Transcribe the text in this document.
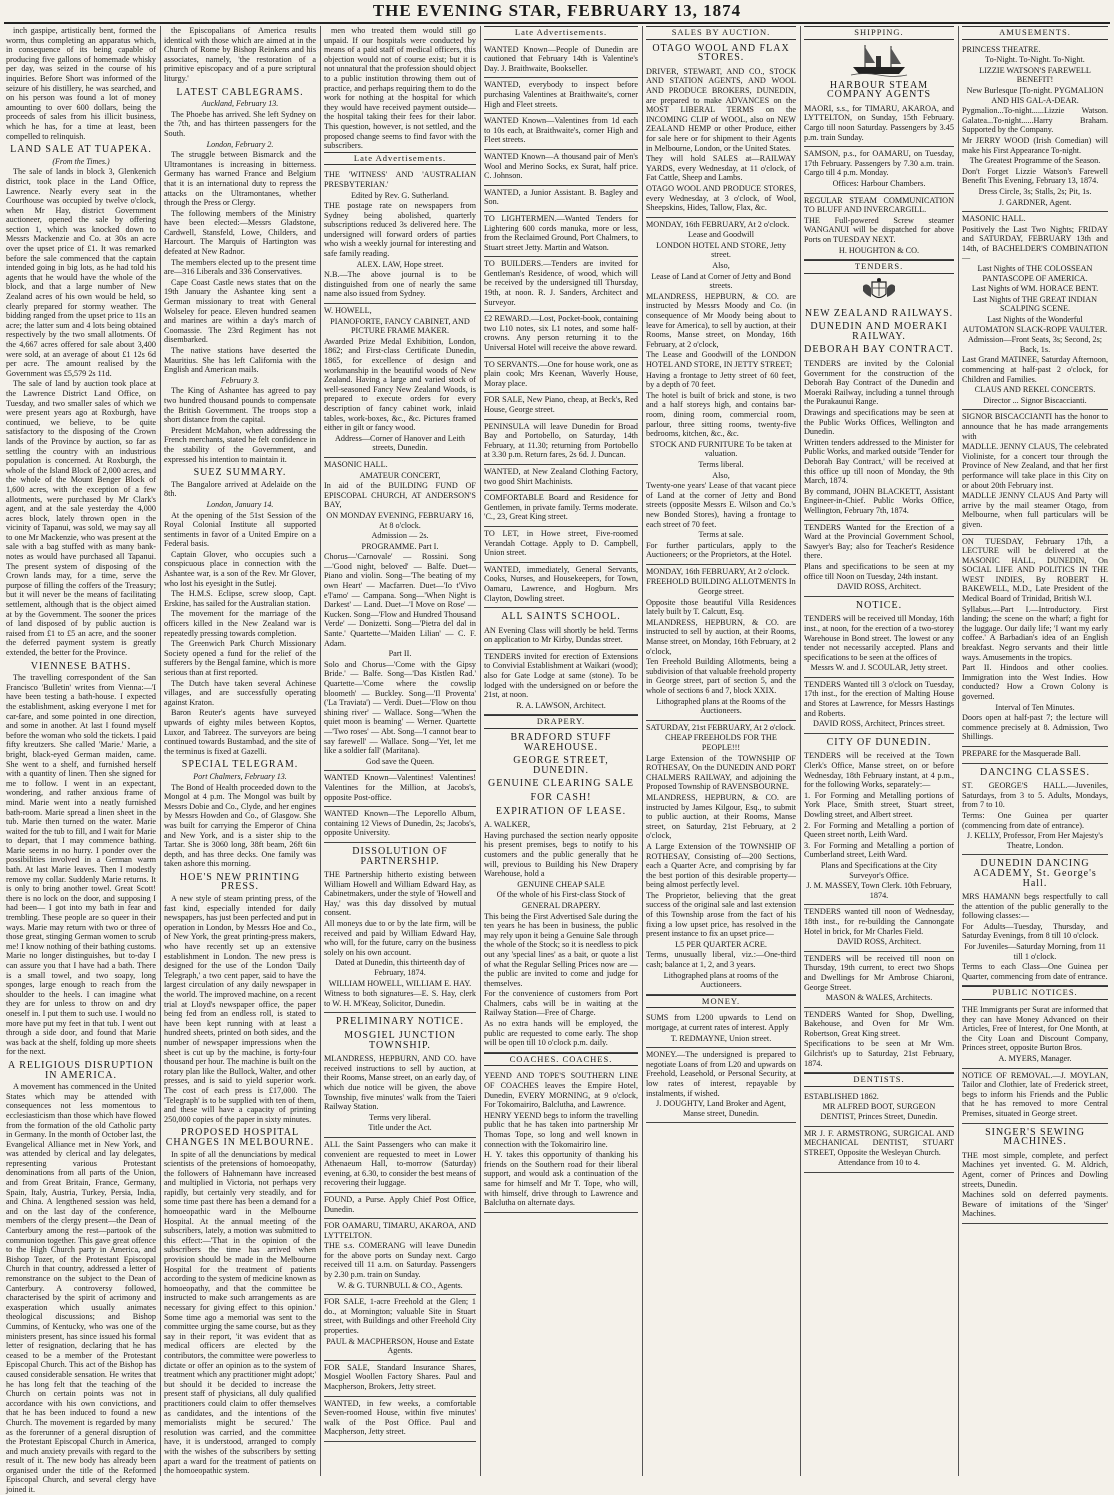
THE EVENING STAR, FEBRUARY 13, 1874

inch gaspipe, artistically bent, formed the worm, thus completing an apparatus which, in consequence of its being capable of producing five gallons of homemade whisky per day, was seized in the course of his inquiries. Before Short was informed of the seizure of his distillery, he was searched, and on his person was found a lot of money amounting to over 600 dollars, being the proceeds of sales from his illicit business, which he has, for a time at least, been compelled to relinquish.

LAND SALE AT TUAPEKA.
(From the Times.)

The sale of lands in block 3, Glenkenich district, took place in the Land Office, Lawrence. Nearly every seat in the Courthouse was occupied by twelve o'clock, when Mr Hay, district Government auctioneer, opened the sale by offering section 1, which was knocked down to Messrs Mackenzie and Co. at 30s an acre over the upset price of £1. It was remarked before the sale commenced that the captain intended going in big lots, as he had told his agents that he would have the whole of the block, and that a large number of New Zealand acres of his own would be held, so clearly prepared for stormy weather. The bidding ranged from the upset price to 11s an acre; the latter sum and 4 lots being obtained respectively by the two small allotments. Of the 4,667 acres offered for sale about 3,400 were sold, at an average of about £1 12s 6d per acre. The amount realised by the Government was £5,579 2s 11d.

The sale of land by auction took place at the Lawrence District Land Office, on Tuesday, and two smaller sales of which we were present years ago at Roxburgh, have continued, we believe, to be quite satisfactory to the disposing of the Crown lands of the Province by auction, so far as settling the country with an industrious population is concerned. At Roxburgh, the whole of the Island Block of 2,000 acres, and the whole of the Mount Benger Block of 1,600 acres, with the exception of a few allotments, were purchased by Mr Clark's agent, and at the sale yesterday the 4,000 acres block, lately thrown open in the vicinity of Tapanui, was sold, we may say all to one Mr Mackenzie, who was present at the sale with a bag stuffed with as many bank-notes as would have purchased all Tapanui. The present system of disposing of the Crown lands may, for a time, serve the purpose of filling the coffers of the Treasury; but it will never be the means of facilitating settlement, although that is the object aimed at by the Government. The sooner the prices of land disposed of by public auction is raised from £1 to £5 an acre, and the sooner the deferred payment system is greatly extended, the better for the Province.

VIENNESE BATHS.

The travelling correspondent of the San Francisco 'Bulletin' writes from Vienna:—'I have been testing a bath-house. I expected the establishment, asking everyone I met for car-fare, and some pointed in one direction, and some in another. At last I found myself before the woman who sold the tickets. I paid fifty kreutzers. She called 'Marie.' Marie, a bright, black-eyed German maiden, came. She went to a shelf, and furnished herself with a quantity of linen. Then she signed for me to follow. I went in an expectant, wondering, and rather anxious frame of mind. Marie went into a neatly furnished bath-room. Marie spread a linen sheet in the tub. Marie then turned on the water. Marie waited for the tub to fill, and I wait for Marie to depart, that I may commence bathing. Marie seems in no hurry. I ponder over the possibilities involved in a German warm bath. At last Marie leaves. Then I modestly remove my collar. Suddenly Marie returns. It is only to bring another towel. Great Scott! there is no lock on the door, and supposing I had been— I got into my bath in fear and trembling. These people are so queer in their ways. Marie may return with two or three of those great, stinging German women to scrub me! I know nothing of their bathing customs. Marie no longer distinguishes, but to-day I can assure you that I have had a bath. There is a small towel, and two soapy, long sponges, large enough to reach from the shoulder to the heels. I can imagine what they are for unless to throw on and dry oneself in. I put them to such use. I would no more have put my feet in that tub. I went out through a side door, and found that Marie was back at the shelf, folding up more sheets for the next.

A RELIGIOUS DISRUPTION IN AMERICA.

A movement has commenced in the United States which may be attended with consequences not less momentous to ecclesiasticism than those which have flowed from the formation of the old Catholic party in Germany. In the month of October last, the Evangelical Alliance met in New York, and was attended by clerical and lay delegates, representing various Protestant denominations from all parts of the Union, and from Great Britain, France, Germany, Spain, Italy, Austria, Turkey, Persia, India, and China. A lengthened session was held, and on the last day of the conference, members of the clergy present—the Dean of Canterbury among the rest—partook of the communion together. This gave great offence to the High Church party in America, and Bishop Tozer, of the Protestant Episcopal Church in that country, addressed a letter of remonstrance on the subject to the Dean of Canterbury. A controversy followed, characterised by the spirit of acrimony and exasperation which usually animates theological discussions; and Bishop Cummins, of Kentucky, who was one of the ministers present, has since issued his formal letter of resignation, declaring that he has ceased to be a member of the Protestant Episcopal Church. This act of the Bishop has caused considerable sensation. He writes that he has long felt that the teaching of the Church on certain points was not in accordance with his own convictions, and that he has been induced to found a new Church. The movement is regarded by many as the forerunner of a general disruption of the Protestant Episcopal Church in America, and much anxiety prevails with regard to the result of it. The new body has already been organised under the title of the Reformed Episcopal Church, and several clergy have joined it.

the Episcopalians of America results identical with those which are aimed at in the Church of Rome by Bishop Reinkens and his associates, namely, 'the restoration of a primitive episcopacy and of a pure scriptural liturgy.'

LATEST CABLEGRAMS.
Auckland, February 13.

The Phoebe has arrived. She left Sydney on the 7th, and has thirteen passengers for the South.

London, February 2.

The struggle between Bismarck and the Ultramontanes is increasing in bitterness. Germany has warned France and Belgium that it is an international duty to repress the attacks on the Ultramontanes, whether through the Press or Clergy.

The following members of the Ministry have been elected:—Messrs Gladstone, Cardwell, Stansfeld, Lowe, Childers, and Harcourt. The Marquis of Hartington was defeated at New Radnor.

The members elected up to the present time are—316 Liberals and 336 Conservatives.

Cape Coast Castle news states that on the 19th January the Ashantee king sent a German missionary to treat with General Wolseley for peace. Eleven hundred seamen and marines are within a day's march of Coomassie. The 23rd Regiment has not disembarked.

The native stations have deserted the Mauritius. She has left California with the English and American mails.

February 3.

The King of Ashantee has agreed to pay two hundred thousand pounds to compensate the British Government. The troops stop a short distance from the capital.

President McMahon, when addressing the French merchants, stated he felt confidence in the stability of the Government, and expressed his intention to maintain it.

SUEZ SUMMARY.

The Bangalore arrived at Adelaide on the 8th.

London, January 14.

At the opening of the 51st Session of the Royal Colonial Institute all supported sentiments in favor of a United Empire on a Federal basis.

Captain Glover, who occupies such a conspicuous place in connection with the Ashantee war, is a son of the Rev. Mr Glover, who lost his eyesight in the Sutlej.

The H.M.S. Eclipse, screw sloop, Capt. Erskine, has sailed for the Australian station.

The movement for the marriage of the officers killed in the New Zealand war is repeatedly pressing towards completion.

The Greenwich Park Church Missionary Society opened a fund for the relief of the sufferers by the Bengal famine, which is more serious than at first reported.

The Dutch have taken several Achinese villages, and are successfully operating against Kraton.

Baron Reuter's agents have surveyed upwards of eighty miles between Koptos, Luxor, and Tabreez. The surveyors are being continued towards Bustambad, and the site of the terminus is fixed at Gazelli.

SPECIAL TELEGRAM.
Port Chalmers, February 13.

The Bond of Health proceeded down to the Mongol at 4 p.m. The Mongol was built by Messrs Dobie and Co., Clyde, and her engines by Messrs Howden and Co., of Glasgow. She was built for carrying the Emperor of China and New York, and is a sister ship to the Tartar. She is 3060 long, 38ft beam, 26ft 6in depth, and has three decks. One family was taken ashore this morning.

HOE'S NEW PRINTING PRESS.

A new style of steam printing press, of the fast kind, especially intended for daily newspapers, has just been perfected and put in operation in London, by Messrs Hoe and Co., of New York, the great printing-press makers, who have recently set up an extensive establishment in London. The new press is designed for the use of the London 'Daily Telegraph,' a two cent paper, said to have the largest circulation of any daily newspaper in the world. The improved machine, on a recent trial at Lloyd's newspaper office, the paper being fed from an endless roll, is stated to have been kept running with at least a hundred sheets, printed on both sides, and the number of newspaper impressions when the sheet is cut up by the machine, is forty-four thousand per hour. The machine is built on the rotary plan like the Bullock, Walter, and other presses, and is said to yield superior work. The cost of each press is £17,000. The 'Telegraph' is to be supplied with ten of them, and these will have a capacity of printing 250,000 copies of the paper in sixty minutes.

PROPOSED HOSPITAL CHANGES IN MELBOURNE.

In spite of all the denunciations by medical scientists of the pretensions of homoeopathy, the followers of Hahnemann have increased and multiplied in Victoria, not perhaps very rapidly, but certainly very steadily, and for some time past there has been a demand for a homoeopathic ward in the Melbourne Hospital. At the annual meeting of the subscribers, lately, a motion was submitted to this effect:—'That in the opinion of the subscribers the time has arrived when provision should be made in the Melbourne Hospital for the treatment of patients according to the system of medicine known as homoeopathy, and that the committee be instructed to make such arrangements as are necessary for giving effect to this opinion.' Some time ago a memorial was sent to the committee urging the same course, but as they say in their report, 'it was evident that as medical officers are elected by the contributors, the committee were powerless to dictate or offer an opinion as to the system of treatment which any practitioner might adopt;' but should it be decided to increase the present staff of physicians, all duly qualified practitioners could claim to offer themselves as candidates, and the intentions of the memorialists might be secured.' The resolution was carried, and the committee have, it is understood, arranged to comply with the wishes of the subscribers by setting apart a ward for the treatment of patients on the homoeopathic system.

men who treated them would still go unpaid. If our hospitals were conducted by means of a paid staff of medical officers, this objection would not of course exist; but it is not unnatural that the profession should object to a public institution throwing them out of practice, and perhaps requiring them to do the work for nothing at the hospital for which they would have received payment outside—the hospital taking their fees for their labor. This question, however, is not settled, and the proposed change seems to find favor with the subscribers.

Late Advertisements.

THE 'WITNESS' AND 'AUSTRALIAN PRESBYTERIAN.'

Edited by Rev. G. Sutherland.

THE postage rate on newspapers from Sydney being abolished, quarterly subscriptions reduced 3s delivered here. The undersigned will forward orders of parties who wish a weekly journal for interesting and safe family reading.

ALEX. LAW, Hope street.

N.B.—The above journal is to be distinguished from one of nearly the same name also issued from Sydney.

W. HOWELL,

PIANOFORTE, FANCY CABINET, AND PICTURE FRAME MAKER.

Awarded Prize Medal Exhibition, London, 1862; and First-class Certificate Dunedin, 1865, for excellence of design and workmanship in the beautiful woods of New Zealand. Having a large and varied stock of well-seasoned Fancy New Zealand Woods, is prepared to execute orders for every description of fancy cabinet work, inlaid tables, work-boxes, &c., &c. Pictures framed either in gilt or fancy wood.

Address—Corner of Hanover and Leith streets, Dunedin.

MASONIC HALL.

AMATEUR CONCERT,

In aid of the BUILDING FUND OF EPISCOPAL CHURCH, AT ANDERSON'S BAY,

ON MONDAY EVENING, FEBRUARY 16, At 8 o'clock.

Admission — 2s.

PROGRAMME. Part I.

Chorus—'Carnovale' — Rossini. Song—'Good night, beloved' — Balfe. Duet—Piano and violin. Song—'The beating of my own Heart' — Macfarren. Duet—'Io t'Vivo e'l'amo' — Campana. Song—'When Night is Darkest' — Land. Duet—'I Move on Rose' — Kucken. Song—'Flow and Hundred Thousand Verde' — Donizetti. Song—'Pietra del dal in Sante.' Quartette—'Maiden Lilian' — C. F. Adam.

Part II.

Solo and Chorus—'Come with the Gipsy Bride.' — Balfe. Song—'Das Kistlen Rad.' Quartette—'Come where the cowslip bloometh' — Buckley. Song—'Il Proventa' ('La Traviata') — Verdi. Duet—'Flow on thou shining river' — Wallace. Song—'When the quiet moon is beaming' — Werner. Quartette—'Two roses' — Abt. Song—'I cannot bear to say farewell' — Wallace. Song—'Yet, let me like a soldier fall' (Maritana).

God save the Queen.

WANTED Known—Valentines! Valentines! Valentines for the Million, at Jacobs's, opposite Post-office.

WANTED Known—The Leporello Album, containing 12 Views of Dunedin, 2s; Jacobs's, opposite University.

DISSOLUTION OF PARTNERSHIP.

THE Partnership hitherto existing between William Howell and William Edward Hay, as Cabinetmakers, under the style of 'Howell and Hay,' was this day dissolved by mutual consent.

All moneys due to or by the late firm, will be received and paid by William Edward Hay, who will, for the future, carry on the business solely on his own account.

Dated at Dunedin, this thirteenth day of February, 1874.

WILLIAM HOWELL, WILLIAM E. HAY.

Witness to both signatures—E. S. Hay, clerk to W. H. M'Keay, Solicitor, Dunedin.

PRELIMINARY NOTICE.
MOSGIEL JUNCTION TOWNSHIP.

MLANDRESS, HEPBURN, AND CO. have received instructions to sell by auction, at their Rooms, Manse street, on an early day, of which due notice will be given, the above Township, five minutes' walk from the Taieri Railway Station.

Terms very liberal.

Title under the Act.

ALL the Saint Passengers who can make it convenient are requested to meet in Lower Athenaeum Hall, to-morrow (Saturday) evening, at 6.30, to consider the best means of recovering their luggage.

FOUND, a Purse. Apply Chief Post Office, Dunedin.

FOR OAMARU, TIMARU, AKAROA, AND LYTTELTON.

THE s.s. COMERANG will leave Dunedin for the above ports on Sunday next. Cargo received till 11 a.m. on Saturday. Passengers by 2.30 p.m. train on Sunday.

W. & G. TURNBULL & CO., Agents.

FOR SALE, 1-acre Freehold at the Glen; 1 do., at Mornington; valuable Site in Stuart street, with Buildings and other Freehold City properties.

PAUL & MACPHERSON, House and Estate Agents.

FOR SALE, Standard Insurance Shares, Mosgiel Woollen Factory Shares. Paul and Macpherson, Brokers, Jetty street.

WANTED, in few weeks, a comfortable Seven-roomed House, within five minutes' walk of the Post Office. Paul and Macpherson, Jetty street.

Late Advertisements.

WANTED Known—People of Dunedin are cautioned that February 14th is Valentine's Day. J. Braithwaite, Bookseller.

WANTED, everybody to inspect before purchasing Valentines at Braithwaite's, corner High and Fleet streets.

WANTED Known—Valentines from 1d each to 10s each, at Braithwaite's, corner High and Fleet streets.

WANTED Known—A thousand pair of Men's Wool and Merino Socks, ex Surat, half price. C. Johnson.

WANTED, a Junior Assistant. B. Bagley and Son.

TO LIGHTERMEN.—Wanted Tenders for Lightering 600 cords manuka, more or less, from the Reclaimed Ground, Port Chalmers, to Stuart street Jetty. Martin and Watson.

TO BUILDERS.—Tenders are invited for Gentleman's Residence, of wood, which will be received by the undersigned till Thursday, 19th, at noon. R. J. Sanders, Architect and Surveyor.

£2 REWARD.—Lost, Pocket-book, containing two L10 notes, six L1 notes, and some half-crowns. Any person returning it to the Universal Hotel will receive the above reward.

TO SERVANTS.—One for house work, one as plain cook; Mrs Keenan, Waverly House, Moray place.

FOR SALE, New Piano, cheap, at Beck's, Red House, George street.

PENINSULA will leave Dunedin for Broad Bay and Portobello, on Saturday, 14th February, at 11.30; returning from Portobello at 3.30 p.m. Return fares, 2s 6d. J. Duncan.

WANTED, at New Zealand Clothing Factory, two good Shirt Machinists.

COMFORTABLE Board and Residence for Gentlemen, in private family. Terms moderate. 'C., 23, Great King street.

TO LET, in Howe street, Five-roomed Verandah Cottage. Apply to D. Campbell, Union street.

WANTED, immediately, General Servants, Cooks, Nurses, and Housekeepers, for Town, Oamaru, Lawrence, and Hogburn. Mrs Clayton, Dowling street.

ALL SAINTS SCHOOL.

AN Evening Class will shortly be held. Terms on application to Mr Kirby, Dundas street.

TENDERS invited for erection of Extensions to Convivial Establishment at Waikari (wood); also for Gate Lodge at same (stone). To be lodged with the undersigned on or before the 21st, at noon.

R. A. LAWSON, Architect.

DRAPERY.
BRADFORD STUFF WAREHOUSE.
GEORGE STREET, DUNEDIN.
GENUINE CLEARING SALE
FOR CASH!
EXPIRATION OF LEASE.

A. WALKER,

Having purchased the section nearly opposite his present premises, begs to notify to his customers and the public generally that he will, previous to Building his New Drapery Warehouse, hold a

GENUINE CHEAP SALE

Of the whole of his First-class Stock of

GENERAL DRAPERY.

This being the First Advertised Sale during the ten years he has been in business, the public may rely upon it being a Genuine Sale through the whole of the Stock; so it is needless to pick out any 'special lines' as a bait, or quote a list of what the Regular Selling Prices now are — the public are invited to come and judge for themselves.

For the convenience of customers from Port Chalmers, cabs will be in waiting at the Railway Station—Free of Charge.

As no extra hands will be employed, the public are requested to come early. The shop will be open till 10 o'clock p.m. daily.

COACHES. COACHES.

YEEND AND TOPE'S SOUTHERN LINE OF COACHES leaves the Empire Hotel, Dunedin, EVERY MORNING, at 9 o'clock, For Tokomairiro, Balclutha, and Lawrence.

HENRY YEEND begs to inform the travelling public that he has taken into partnership Mr Thomas Tope, so long and well known in connection with the Tokomairiro line.

H. Y. takes this opportunity of thanking his friends on the Southern road for their liberal support, and would ask a continuation of the same for himself and Mr T. Tope, who will, with himself, drive through to Lawrence and Balclutha on alternate days.

SALES BY AUCTION.
OTAGO WOOL AND FLAX STORES.

DRIVER, STEWART, AND CO., STOCK AND STATION AGENTS, AND WOOL AND PRODUCE BROKERS, DUNEDIN, are prepared to make ADVANCES on the MOST LIBERAL TERMS on the INCOMING CLIP of WOOL, also on NEW ZEALAND HEMP or other Produce, either for sale here or for shipment to their Agents in Melbourne, London, or the United States.

They will hold SALES at—RAILWAY YARDS, every Wednesday, at 11 o'clock, of Fat Cattle, Sheep and Lambs.

OTAGO WOOL AND PRODUCE STORES, every Wednesday, at 3 o'clock, of Wool, Sheepskins, Hides, Tallow, Flax, &c.

MONDAY, 16th FEBRUARY, At 2 o'clock.

Lease and Goodwill

LONDON HOTEL AND STORE, Jetty street.

Also,

Lease of Land at Corner of Jetty and Bond streets.

MLANDRESS, HEPBURN, & CO. are instructed by Messrs Moody and Co. (in consequence of Mr Moody being about to leave for America), to sell by auction, at their Rooms, Manse street, on Monday, 16th February, at 2 o'clock,

The Lease and Goodwill of the LONDON HOTEL AND STORE, IN JETTY STREET;

Having a frontage to Jetty street of 60 feet, by a depth of 70 feet.

The hotel is built of brick and stone, is two and a half storeys high, and contains bar-room, dining room, commercial room, parlour, three sitting rooms, twenty-five bedrooms, kitchen, &c., &c.

STOCK AND FURNITURE To be taken at valuation.

Terms liberal.

Also,

Twenty-one years' Lease of that vacant piece of Land at the corner of Jetty and Bond streets (opposite Messrs E. Wilson and Co.'s new Bonded Stores), having a frontage to each street of 70 feet.

Terms at sale.

For further particulars, apply to the Auctioneers; or the Proprietors, at the Hotel.

MONDAY, 16th FEBRUARY, At 2 o'clock.

FREEHOLD BUILDING ALLOTMENTS In George street.

Opposite those beautiful Villa Residences lately built by T. Calcutt, Esq.

MLANDRESS, HEPBURN, & CO. are instructed to sell by auction, at their Rooms, Manse street, on Monday, 16th February, at 2 o'clock,

Ten Freehold Building Allotments, being a subdivision of that valuable freehold property in George street, part of section 5, and the whole of sections 6 and 7, block XXIX.

Lithographed plans at the Rooms of the Auctioneers.

SATURDAY, 21st FEBRUARY, At 2 o'clock.

CHEAP FREEHOLDS FOR THE PEOPLE!!!

Large Extension of the TOWNSHIP OF ROTHESAY, On the DUNEDIN AND PORT CHALMERS RAILWAY, and adjoining the Proposed Township of RAVENSBOURNE.

MLANDRESS, HEPBURN, & CO. are instructed by James Kilgour, Esq., to submit to public auction, at their Rooms, Manse street, on Saturday, 21st February, at 2 o'clock,

A Large Extension of the TOWNSHIP OF ROTHESAY, Consisting of—200 Sections, each a Quarter Acre, and comprising by far the best portion of this desirable property—being almost perfectly level.

The Proprietor, believing that the great success of the original sale and last extension of this Township arose from the fact of his fixing a low upset price, has resolved in the present instance to fix an upset price—

L5 PER QUARTER ACRE.

Terms, unusually liberal, viz.:—One-third cash; balance at 1, 2, and 3 years.

Lithographed plans at rooms of the Auctioneers.

MONEY.

SUMS from L200 upwards to Lend on mortgage, at current rates of interest. Apply

T. REDMAYNE, Union street.

MONEY.—The undersigned is prepared to negotiate Loans of from L20 and upwards on Freehold, Leasehold, or Personal Security, at low rates of interest, repayable by instalments, if wished.

J. DOUGHTY, Land Broker and Agent, Manse street, Dunedin.

SHIPPING.
HARBOUR STEAM COMPANY AGENTS

MAORI, s.s., for TIMARU, AKAROA, and LYTTELTON, on Sunday, 15th February. Cargo till noon Saturday. Passengers by 3.45 p.m. train Sunday.

SAMSON, p.s., for OAMARU, on Tuesday, 17th February. Passengers by 7.30 a.m. train. Cargo till 4 p.m. Monday.

Offices: Harbour Chambers.

REGULAR STEAM COMMUNICATION TO BLUFF AND INVERCARGILL.

THE Full-powered Screw steamer WANGANUI will be dispatched for above Ports on TUESDAY NEXT.

H. HOUGHTON & CO.

TENDERS.
NEW ZEALAND RAILWAYS.
DUNEDIN AND MOERAKI RAILWAY.
DEBORAH BAY CONTRACT.

TENDERS are invited by the Colonial Government for the construction of the Deborah Bay Contract of the Dunedin and Moeraki Railway, including a tunnel through the Purakaunui Range.

Drawings and specifications may be seen at the Public Works Offices, Wellington and Dunedin.

Written tenders addressed to the Minister for Public Works, and marked outside 'Tender for Deborah Bay Contract,' will be received at this office up till noon of Monday, the 9th March, 1874.

By command, JOHN BLACKETT, Assistant Engineer-in-Chief. Public Works Office, Wellington, February 7th, 1874.

TENDERS Wanted for the Erection of a Ward at the Provincial Government School, Sawyer's Bay; also for Teacher's Residence there.

Plans and specifications to be seen at my office till Noon on Tuesday, 24th instant.

DAVID ROSS, Architect.

NOTICE.

TENDERS will be received till Monday, 16th inst., at noon, for the erection of a two-storey Warehouse in Bond street. The lowest or any tender not necessarily accepted. Plans and specifications to be seen at the offices of

Messrs W. and J. SCOULAR, Jetty street.

TENDERS Wanted till 3 o'clock on Tuesday, 17th inst., for the erection of Malting House and Stores at Lawrence, for Messrs Hastings and Roberts.

DAVID ROSS, Architect, Princes street.

CITY OF DUNEDIN.

TENDERS will be received at the Town Clerk's Office, Manse street, on or before Wednesday, 18th February instant, at 4 p.m., for the following Works, separately:—

1. For Forming and Metalling portions of York Place, Smith street, Stuart street, Dowling street, and Albert street.

2. For Forming and Metalling a portion of Queen street north, Leith Ward.

3. For Forming and Metalling a portion of Cumberland street, Leith Ward.

Plans and Specifications at the City Surveyor's Office.

J. M. MASSEY, Town Clerk. 10th February, 1874.

TENDERS wanted till noon of Wednesday, 18th inst., for re-building the Cannongate Hotel in brick, for Mr Charles Field.

DAVID ROSS, Architect.

TENDERS will be received till noon on Thursday, 19th current, to erect two Shops and Dwellings for Mr Ambrose Chiaroni, George Street.

MASON & WALES, Architects.

TENDERS Wanted for Shop, Dwelling, Bakehouse, and Oven for Mr Wm. Robertson, Great King street.

Specifications to be seen at Mr Wm. Gilchrist's up to Saturday, 21st February, 1874.

DENTISTS.

ESTABLISHED 1862.

MR ALFRED BOOT, SURGEON DENTIST, Princes Street, Dunedin.

MR J. F. ARMSTRONG, SURGICAL AND MECHANICAL DENTIST, STUART STREET, Opposite the Wesleyan Church.

Attendance from 10 to 4.

AMUSEMENTS.

PRINCESS THEATRE.

To-Night. To-Night. To-Night.

LIZZIE WATSON'S FAREWELL BENEFIT!

New Burlesque [To-night. PYGMALION AND HIS GAL-A-DEAR.

Pygmalion...To-night......Lizzie Watson. Galatea...To-night......Harry Braham. Supported by the Company.

Mr JERRY WOOD (Irish Comedian) will make his First Appearance To-night.

The Greatest Programme of the Season.

Don't Forget Lizzie Watson's Farewell Benefit This Evening, February 13, 1874.

Dress Circle, 3s; Stalls, 2s; Pit, 1s.

J. GARDNER, Agent.

MASONIC HALL.

Positively the Last Two Nights; FRIDAY and SATURDAY, FEBRUARY 13th and 14th, of BACHELDER'S COMBINATION—

Last Nights of THE COLOSSEAN PANTASCOPE OF AMERICA.

Last Nights of WM. HORACE BENT.

Last Nights of THE GREAT INDIAN SCALPING SCENE.

Last Nights of the Wonderful AUTOMATON SLACK-ROPE VAULTER.

Admission—Front Seats, 3s; Second, 2s; Back, 1s.

Last Grand MATINEE, Saturday Afternoon, commencing at half-past 2 o'clock, for Children and Families.

CLAUS AND REKEL CONCERTS.

Director ... Signor Biscaccianti.

SIGNOR BISCACCIANTI has the honor to announce that he has made arrangements with

MADLLE. JENNY CLAUS, The celebrated Violiniste, for a concert tour through the Province of New Zealand, and that her first performance will take place in this City on or about 20th February inst.

MADLLE JENNY CLAUS And Party will arrive by the mail steamer Otago, from Melbourne, when full particulars will be given.

ON TUESDAY, February 17th, a LECTURE will be delivered at the MASONIC HALL, DUNEDIN, On SOCIAL LIFE AND POLITICS IN THE WEST INDIES, By ROBERT H. BAKEWELL, M.D., Late President of the Medical Board of Trinidad, British W.I.

Syllabus.—Part I.—Introductory. First landing; the scene on the wharf; a fight for the luggage. Our daily life; 'I want my early coffee.' A Barbadian's idea of an English breakfast. Negro servants and their little ways. Amusements in the tropics.

Part II. Hindoos and other coolies. Immigration into the West Indies. How conducted? How a Crown Colony is governed.

Interval of Ten Minutes.

Doors open at half-past 7; the lecture will commence precisely at 8. Admission, Two Shillings.

PREPARE for the Masquerade Ball.

DANCING CLASSES.

ST. GEORGE'S HALL.—Juveniles, Saturdays, from 3 to 5. Adults, Mondays, from 7 to 10.

Terms: One Guinea per quarter (commencing from date of entrance).

J. KELLY, Professor, From Her Majesty's Theatre, London.

DUNEDIN DANCING ACADEMY, St. George's Hall.

MRS HAMANN begs respectfully to call the attention of the public generally to the following classes:—

For Adults—Tuesday, Thursday, and Saturday Evenings, from 8 till 10 o'clock.

For Juveniles—Saturday Morning, from 11 till 1 o'clock.

Terms to each Class—One Guinea per Quarter, commencing from date of entrance.

PUBLIC NOTICES.

THE Immigrants per Surat are informed that they can have Money Advanced on their Articles, Free of Interest, for One Month, at the City Loan and Discount Company, Princes street, opposite Burton Bros.

A. MYERS, Manager.

NOTICE OF REMOVAL.—J. MOYLAN, Tailor and Clothier, late of Frederick street, begs to inform his Friends and the Public that he has removed to more Central Premises, situated in George street.

SINGER'S SEWING MACHINES.

THE most simple, complete, and perfect Machines yet invented. G. M. Aldrich, Agent, corner of Princes and Dowling streets, Dunedin.

Machines sold on deferred payments. Beware of imitations of the 'Singer' Machines.
